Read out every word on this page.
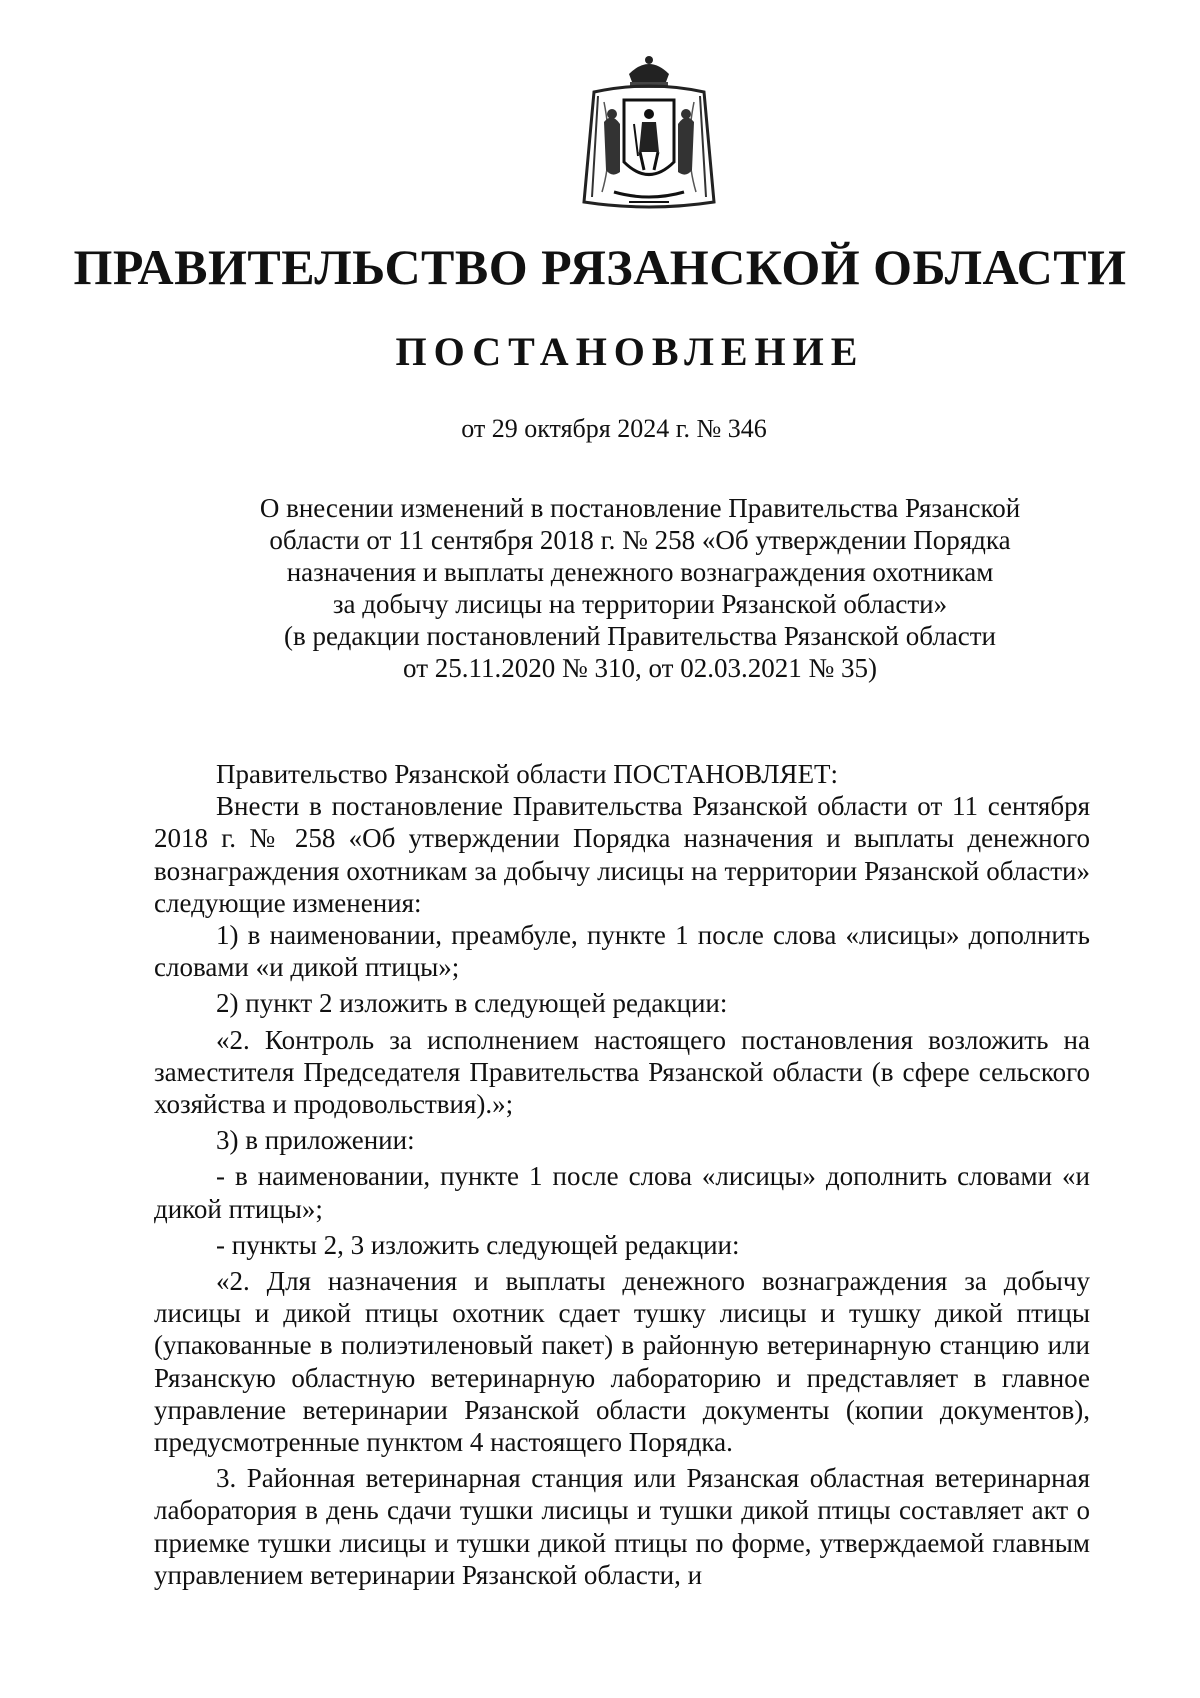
ПРАВИТЕЛЬСТВО РЯЗАНСКОЙ ОБЛАСТИ
ПОСТАНОВЛЕНИЕ
от 29 октября 2024 г. № 346
О внесении изменений в постановление Правительства Рязанской
области от 11 сентября 2018 г. № 258 «Об утверждении Порядка
назначения и выплаты денежного вознаграждения охотникам
за добычу лисицы на территории Рязанской области»
(в редакции постановлений Правительства Рязанской области
от 25.11.2020 № 310, от 02.03.2021 № 35)

Правительство Рязанской области ПОСТАНОВЛЯЕТ:

Внести в постановление Правительства Рязанской области от 11 сентября 2018 г. № 258 «Об утверждении Порядка назначения и выплаты денежного вознаграждения охотникам за добычу лисицы на территории Рязанской области» следующие изменения:

1) в наименовании, преамбуле, пункте 1 после слова «лисицы» дополнить словами «и дикой птицы»;

2) пункт 2 изложить в следующей редакции:

«2. Контроль за исполнением настоящего постановления возложить на заместителя Председателя Правительства Рязанской области (в сфере сельского хозяйства и продовольствия).»;

3) в приложении:

- в наименовании, пункте 1 после слова «лисицы» дополнить словами «и дикой птицы»;

- пункты 2, 3 изложить следующей редакции:

«2. Для назначения и выплаты денежного вознаграждения за добычу лисицы и дикой птицы охотник сдает тушку лисицы и тушку дикой птицы (упакованные в полиэтиленовый пакет) в районную ветеринарную станцию или Рязанскую областную ветеринарную лабораторию и представляет в главное управление ветеринарии Рязанской области документы (копии документов), предусмотренные пунктом 4 настоящего Порядка.

3. Районная ветеринарная станция или Рязанская областная ветеринарная лаборатория в день сдачи тушки лисицы и тушки дикой птицы составляет акт о приемке тушки лисицы и тушки дикой птицы по форме, утверждаемой главным управлением ветеринарии Рязанской области, и
